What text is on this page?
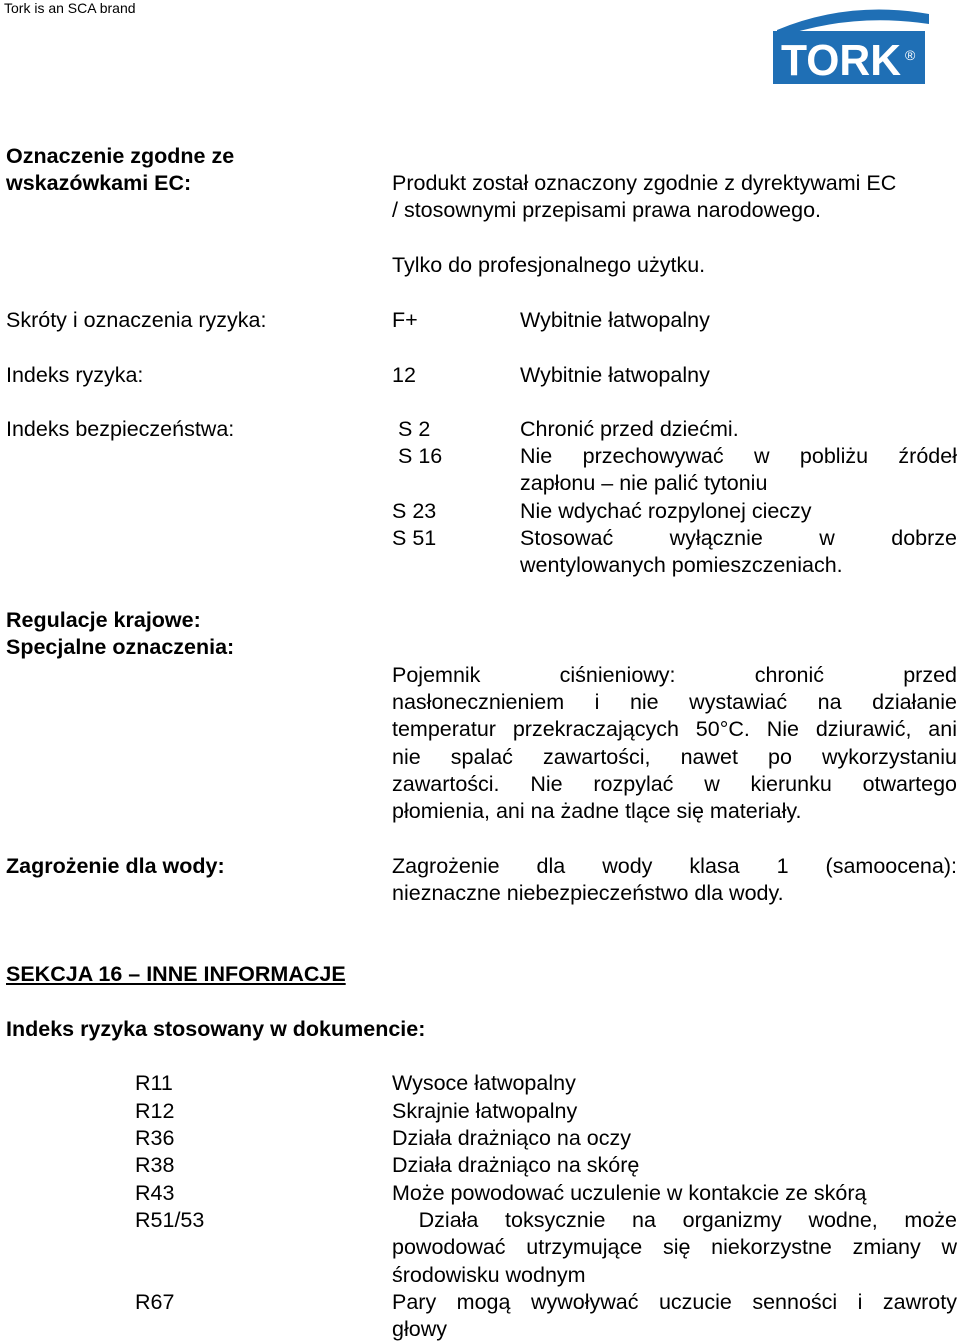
Tork is an SCA brand
TORK ®
Oznaczenie zgodne ze
wskazówkami EC:	Produkt został oznaczony zgodnie z dyrektywami EC
/ stosownymi przepisami prawa narodowego.
Tylko do profesjonalnego użytku.
Skróty i oznaczenia ryzyka:	F+	Wybitnie łatwopalny
Indeks ryzyka:	12	Wybitnie łatwopalny
Indeks bezpieczeństwa:	S 2	Chronić przed dziećmi.
S 16	Nie przechowywać w pobliżu źródeł
zapłonu – nie palić tytoniu
S 23	Nie wdychać rozpylonej cieczy
S 51	Stosować wyłącznie w dobrze
wentylowanych pomieszczeniach.
Regulacje krajowe:
Specjalne oznaczenia:
Pojemnik ciśnieniowy: chronić przed
nasłonecznieniem i nie wystawiać na działanie
temperatur przekraczających 50°C. Nie dziurawić, ani
nie spalać zawartości, nawet po wykorzystaniu
zawartości. Nie rozpylać w kierunku otwartego
płomienia, ani na żadne tlące się materiały.
Zagrożenie dla wody:	Zagrożenie dla wody klasa 1 (samoocena):
nieznaczne niebezpieczeństwo dla wody.
SEKCJA 16 – INNE INFORMACJE
Indeks ryzyka stosowany w dokumencie:
R11	Wysoce łatwopalny
R12	Skrajnie łatwopalny
R36	Działa drażniąco na oczy
R38	Działa drażniąco na skórę
R43	Może powodować uczulenie w kontakcie ze skórą
R51/53	Działa toksycznie na organizmy wodne, może
powodować utrzymujące się niekorzystne zmiany w
środowisku wodnym
R67	Pary mogą wywoływać uczucie senności i zawroty
głowy
